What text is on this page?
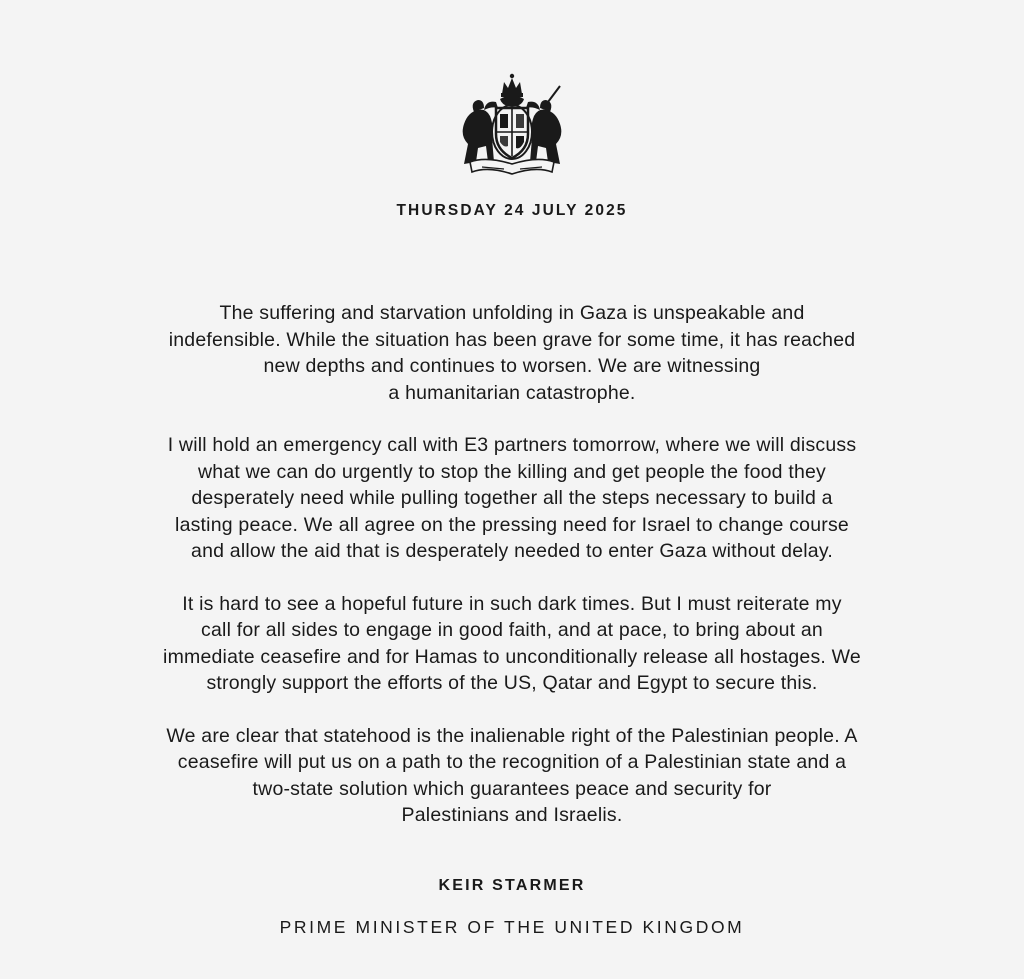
THURSDAY 24 JULY 2025

The suffering and starvation unfolding in Gaza is unspeakable and
indefensible. While the situation has been grave for some time, it has reached
new depths and continues to worsen. We are witnessing
a humanitarian catastrophe.

I will hold an emergency call with E3 partners tomorrow, where we will discuss
what we can do urgently to stop the killing and get people the food they
desperately need while pulling together all the steps necessary to build a
lasting peace. We all agree on the pressing need for Israel to change course
and allow the aid that is desperately needed to enter Gaza without delay.

It is hard to see a hopeful future in such dark times. But I must reiterate my
call for all sides to engage in good faith, and at pace, to bring about an
immediate ceasefire and for Hamas to unconditionally release all hostages. We
strongly support the efforts of the US, Qatar and Egypt to secure this.

We are clear that statehood is the inalienable right of the Palestinian people. A
ceasefire will put us on a path to the recognition of a Palestinian state and a
two-state solution which guarantees peace and security for
Palestinians and Israelis.

KEIR STARMER

PRIME MINISTER OF THE UNITED KINGDOM
